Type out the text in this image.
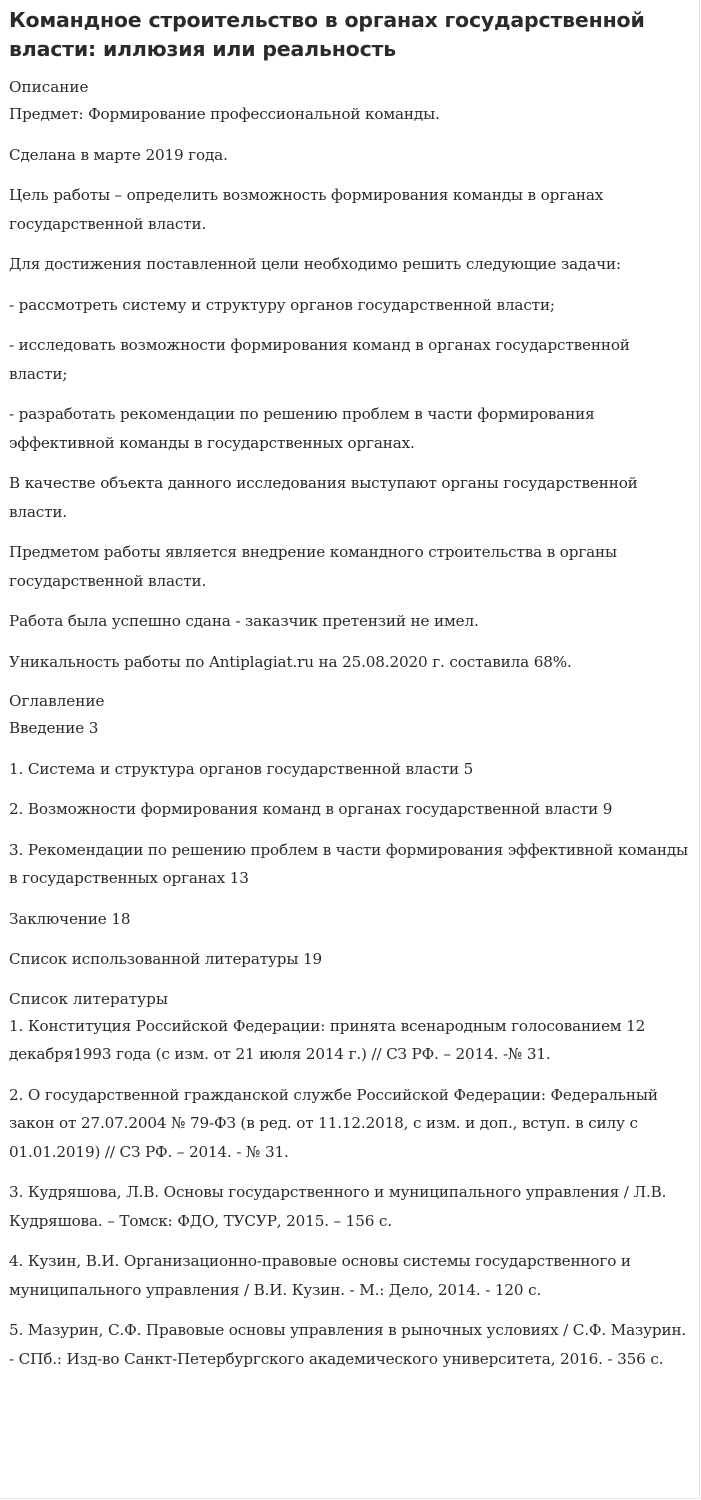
Командное строительство в органах государственной власти: иллюзия или реальность
Описание

Предмет: Формирование профессиональной команды.

Сделана в марте 2019 года.

Цель работы – определить возможность формирования команды в органах государственной власти.

Для достижения поставленной цели необходимо решить следующие задачи:

- рассмотреть систему и структуру органов государственной власти;

- исследовать возможности формирования команд в органах государственной власти;

- разработать рекомендации по решению проблем в части формирования эффективной команды в государственных органах.

В качестве объекта данного исследования выступают органы государственной власти.

Предметом работы является внедрение командного строительства в органы государственной власти.

Работа была успешно сдана - заказчик претензий не имел.

Уникальность работы по Antiplagiat.ru на 25.08.2020 г. составила 68%.

Оглавление

Введение 3

1. Система и структура органов государственной власти 5

2. Возможности формирования команд в органах государственной власти 9

3. Рекомендации по решению проблем в части формирования эффективной команды в государственных органах 13

Заключение 18

Список использованной литературы 19

Список литературы

1. Конституция Российской Федерации: принята всенародным голосованием 12 декабря1993 года (с изм. от 21 июля 2014 г.) // СЗ РФ. – 2014. -№ 31.

2. О государственной гражданской службе Российской Федерации: Федеральный закон от 27.07.2004 № 79-ФЗ (в ред. от 11.12.2018, с изм. и доп., вступ. в силу с 01.01.2019) // СЗ РФ. – 2014. - № 31.

3. Кудряшова, Л.В. Основы государственного и муниципального управления / Л.В. Кудряшова. – Томск: ФДО, ТУСУР, 2015. – 156 с.

4. Кузин, В.И. Организационно-правовые основы системы государственного и муниципального управления / В.И. Кузин. - М.: Дело, 2014. - 120 с.

5. Мазурин, С.Ф. Правовые основы управления в рыночных условиях / С.Ф. Мазурин. - СПб.: Изд-во Санкт-Петербургского академического университета, 2016. - 356 с.
